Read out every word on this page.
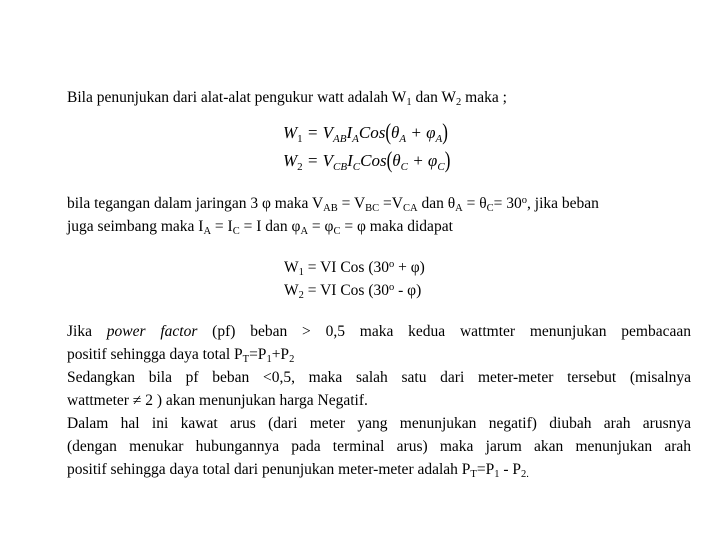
Bila penunjukan dari alat-alat pengukur watt adalah $W_1$ dan $W_2$ maka ;
$W_1 = V_{AB}I_ACos(\theta_A + \varphi_A)$
$W_2 = V_{CB}I_CCos(\theta_C + \varphi_C)$
bila tegangan dalam jaringan 3 φ maka $V_{AB} = V_{BC} =V_{CA}$ dan $\theta_A = \theta_C= 30^o$, jika beban
juga seimbang maka $I_A = I_C = I$ dan $\varphi_A = \varphi_C = \varphi$ maka didapat
$W_1$ = VI Cos $(30^o + \varphi)$
$W_2$ = VI Cos (30$^o$ - φ)
Jika power factor (pf) beban > 0,5 maka kedua wattmter menunjukan pembacaan
positif sehingga daya total $P_T=P_1+P_2$
Sedangkan bila pf beban <0,5, maka salah satu dari meter-meter tersebut (misalnya
wattmeter ≠ 2 ) akan menunjukan harga Negatif.
Dalam hal ini kawat arus (dari meter yang menunjukan negatif) diubah arah arusnya
(dengan menukar hubungannya pada terminal arus) maka jarum akan menunjukan arah
positif sehingga daya total dari penunjukan meter-meter adalah $P_T=P_1 - P_{2.}$
